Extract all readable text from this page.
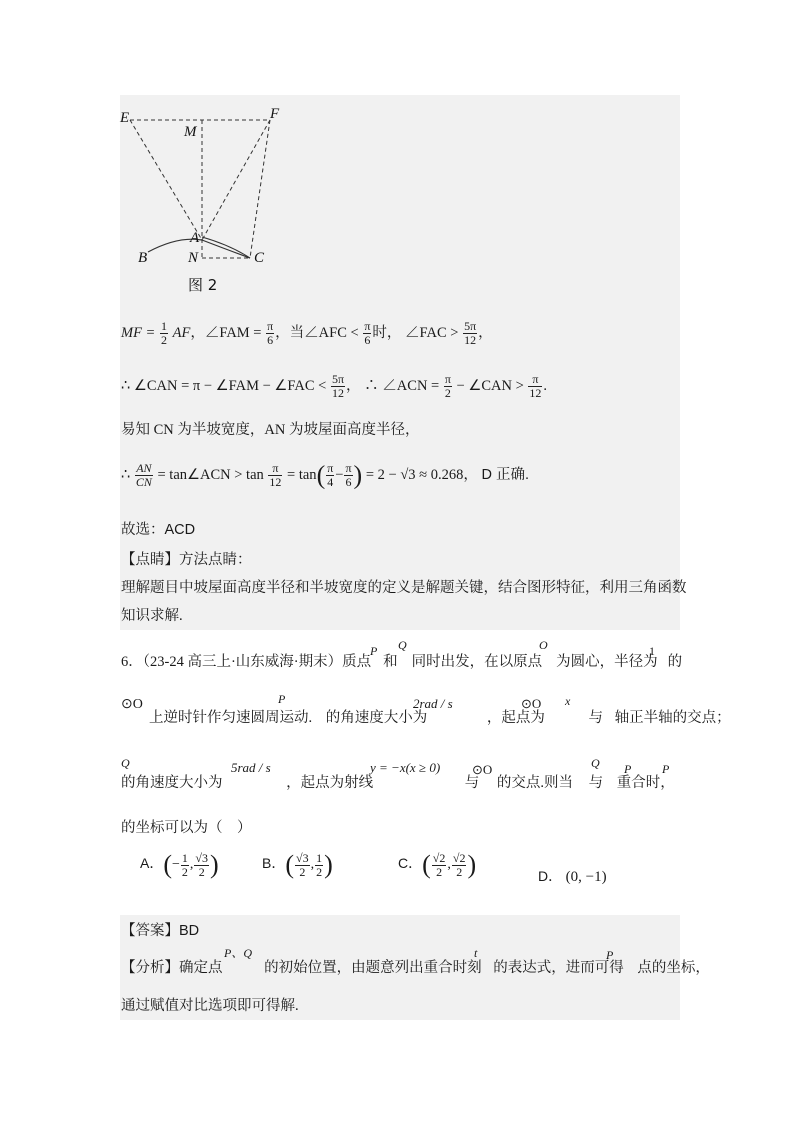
E	F
M
A
B	N	C
图 2
MF = $\frac{1}{2}$ AF，∠FAM = $\frac{\pi}{6}$ ，当∠AFC < $\frac{\pi}{6}$ 时， ∠FAC > $\frac{5\pi}{12}$ ，
∴ ∠CAN = π − ∠FAM − ∠FAC < $\frac{5\pi}{12}$ ， ∴ ∠ACN = $\frac{\pi}{2}$ − ∠CAN > $\frac{\pi}{12}$ .
易知 CN 为半坡宽度，AN 为坡屋面高度半径，
∴ $\frac{AN}{CN}$ = tan∠ACN > $\tan \frac{\pi}{12} = \tan( \frac{\pi}{4} - \frac{\pi}{6}$ ) = 2 − √3 ≈ 0.268， D 正确.
故选：ACD
【点睛】方法点睛：
理解题目中坡屋面高度半径和半坡宽度的定义是解题关键，结合图形特征，利用三角函数
知识求解.
6．（23-24 高三上·山东威海·期末）质点 和 同时出发，在以原点 为圆心，半径为 的
P Q	O	1
上逆时针作匀速圆周运动. 的角速度大小为	，起点为	与 轴正半轴的交点；
⊙O	P	2rad / s	⊙O x
的角速度大小为	，起点为射线	与 的交点.则当 与 重合时，
Q	5rad / s	y = −x(x ≥ 0) ⊙O	Q P	P
的坐标可以为（　）
A．(− $\frac{1}{2}$ , $\frac{√3}{2}$ )	B．( $\frac{√3}{2}$ , $\frac{1}{2}$ )	C．( $\frac{√2}{2}$ , $\frac{√2}{2}$ )	D． (0, −1)
【答案】BD
【分析】确定点	的初始位置，由题意列出重合时刻 的表达式，进而可得 点的坐标，
P、Q	t	P
通过赋值对比选项即可得解.
